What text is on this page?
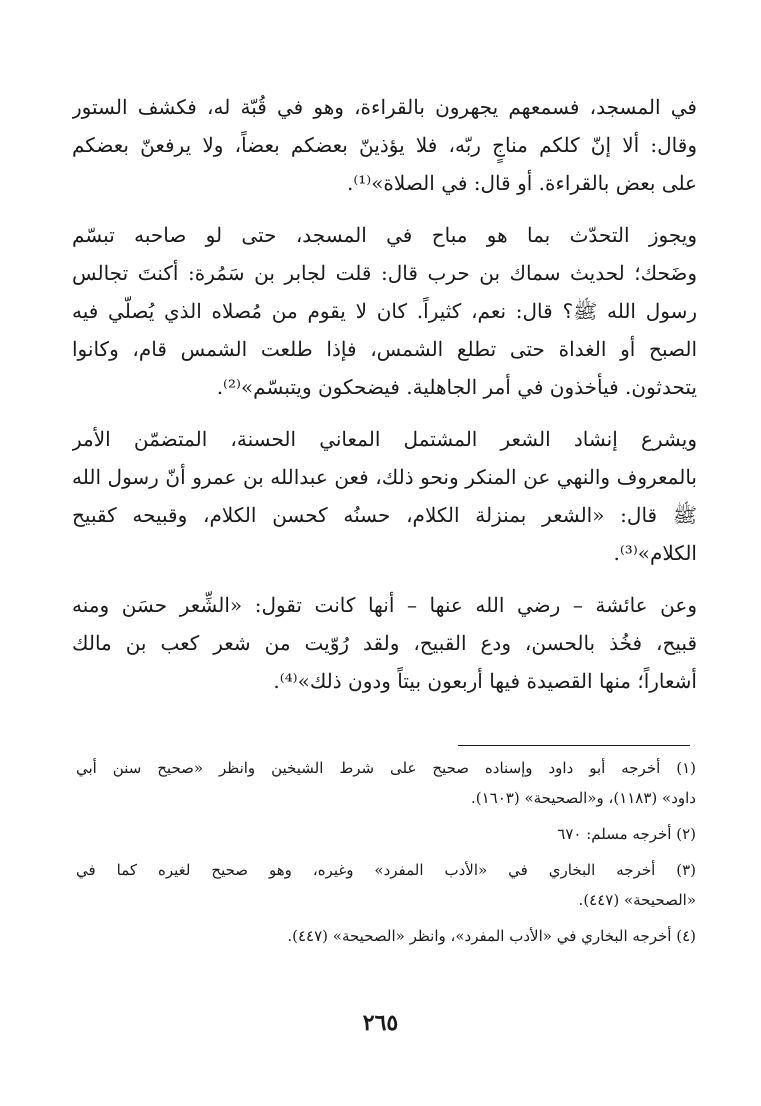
في المسجد، فسمعهم يجهرون بالقراءة، وهو في قُبّة له، فكشف الستور
وقال: ألا إنّ كلكم مناجٍ ربّه، فلا يؤذينّ بعضكم بعضاً، ولا يرفعنّ بعضكم
على بعض بالقراءة. أو قال: في الصلاة»⁽¹⁾.
ويجوز التحدّث بما هو مباح في المسجد، حتى لو صاحبه تبسّم
وضَحك؛ لحديث سماك بن حرب قال: قلت لجابر بن سَمُرة: أكنتَ تجالس
رسول الله ﷺ؟ قال: نعم، كثيراً. كان لا يقوم من مُصلاه الذي يُصلّي فيه
الصبح أو الغداة حتى تطلع الشمس، فإذا طلعت الشمس قام، وكانوا
يتحدثون. فيأخذون في أمر الجاهلية. فيضحكون ويتبسّم»⁽²⁾.
ويشرع إنشاد الشعر المشتمل المعاني الحسنة، المتضمّن الأمر
بالمعروف والنهي عن المنكر ونحو ذلك، فعن عبدالله بن عمرو أنّ رسول الله
ﷺ قال: «الشعر بمنزلة الكلام، حسنُه كحسن الكلام، وقبيحه كقبيح
الكلام»⁽³⁾.
وعن عائشة – رضي الله عنها – أنها كانت تقول: «الشِّعر حسَن ومنه
قبيح، فخُذ بالحسن، ودع القبيح، ولقد رُوّيت من شعر كعب بن مالك
أشعاراً؛ منها القصيدة فيها أربعون بيتاً ودون ذلك»⁽⁴⁾.
(١) أخرجه أبو داود وإسناده صحيح على شرط الشيخين وانظر «صحيح سنن أبي
داود» (١١٨٣)، و«الصحيحة» (١٦٠٣).
(٢) أخرجه مسلم: ٦٧٠
(٣) أخرجه البخاري في «الأدب المفرد» وغيره، وهو صحيح لغيره كما في
«الصحيحة» (٤٤٧).
(٤) أخرجه البخاري في «الأدب المفرد»، وانظر «الصحيحة» (٤٤٧).
٢٦٥
